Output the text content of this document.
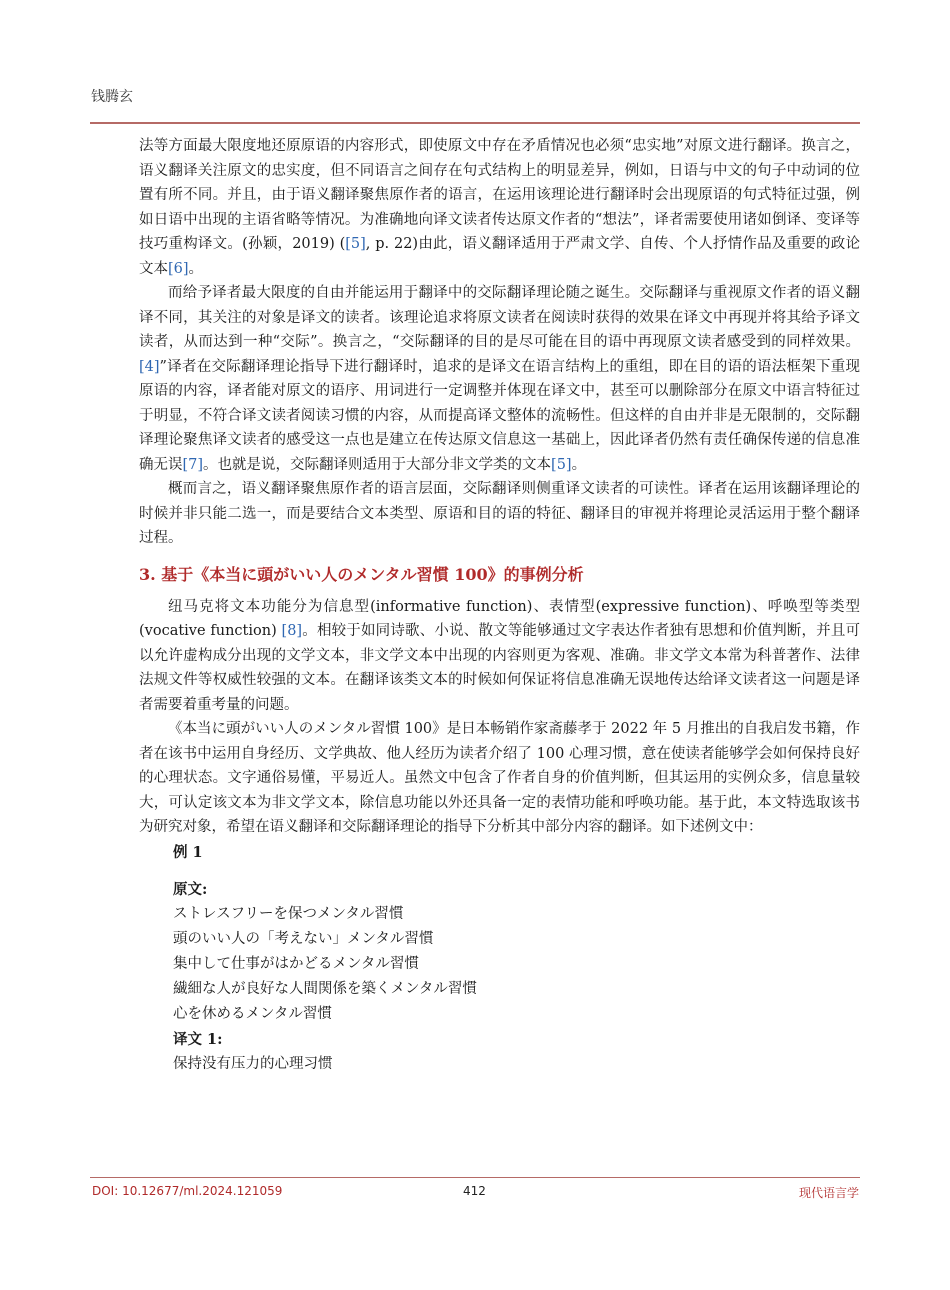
钱腾玄

法等方面最大限度地还原原语的内容形式，即使原文中存在矛盾情况也必须“忠实地”对原文进行翻译。换言之，语义翻译关注原文的忠实度，但不同语言之间存在句式结构上的明显差异，例如，日语与中文的句子中动词的位置有所不同。并且，由于语义翻译聚焦原作者的语言，在运用该理论进行翻译时会出现原语的句式特征过强，例如日语中出现的主语省略等情况。为准确地向译文读者传达原文作者的“想法”，译者需要使用诸如倒译、变译等技巧重构译文。(孙颖，2019) ([5], p. 22)由此，语义翻译适用于严肃文学、自传、个人抒情作品及重要的政论文本[6]。

而给予译者最大限度的自由并能运用于翻译中的交际翻译理论随之诞生。交际翻译与重视原文作者的语义翻译不同，其关注的对象是译文的读者。该理论追求将原文读者在阅读时获得的效果在译文中再现并将其给予译文读者，从而达到一种“交际”。换言之，“交际翻译的目的是尽可能在目的语中再现原文读者感受到的同样效果。[4]”译者在交际翻译理论指导下进行翻译时，追求的是译文在语言结构上的重组，即在目的语的语法框架下重现原语的内容，译者能对原文的语序、用词进行一定调整并体现在译文中，甚至可以删除部分在原文中语言特征过于明显，不符合译文读者阅读习惯的内容，从而提高译文整体的流畅性。但这样的自由并非是无限制的，交际翻译理论聚焦译文读者的感受这一点也是建立在传达原文信息这一基础上，因此译者仍然有责任确保传递的信息准确无误[7]。也就是说，交际翻译则适用于大部分非文学类的文本[5]。

概而言之，语义翻译聚焦原作者的语言层面，交际翻译则侧重译文读者的可读性。译者在运用该翻译理论的时候并非只能二选一，而是要结合文本类型、原语和目的语的特征、翻译目的审视并将理论灵活运用于整个翻译过程。

3. 基于《本当に頭がいい人のメンタル習慣 100》的事例分析

纽马克将文本功能分为信息型(informative function)、表情型(expressive function)、呼唤型等类型(vocative function) [8]。相较于如同诗歌、小说、散文等能够通过文字表达作者独有思想和价值判断，并且可以允许虚构成分出现的文学文本，非文学文本中出现的内容则更为客观、准确。非文学文本常为科普著作、法律法规文件等权威性较强的文本。在翻译该类文本的时候如何保证将信息准确无误地传达给译文读者这一问题是译者需要着重考量的问题。

《本当に頭がいい人のメンタル習慣 100》是日本畅销作家斋藤孝于 2022 年 5 月推出的自我启发书籍，作者在该书中运用自身经历、文学典故、他人经历为读者介绍了 100 心理习惯，意在使读者能够学会如何保持良好的心理状态。文字通俗易懂，平易近人。虽然文中包含了作者自身的价值判断，但其运用的实例众多，信息量较大，可认定该文本为非文学文本，除信息功能以外还具备一定的表情功能和呼唤功能。基于此，本文特选取该书为研究对象，希望在语义翻译和交际翻译理论的指导下分析其中部分内容的翻译。如下述例文中：

例 1
原文:
ストレスフリーを保つメンタル習慣
頭のいい人の「考えない」メンタル習慣
集中して仕事がはかどるメンタル習慣
繊細な人が良好な人間関係を築くメンタル習慣
心を休めるメンタル習慣
译文 1:
保持没有压力的心理习惯
DOI: 10.12677/ml.2024.121059	412	现代语言学
